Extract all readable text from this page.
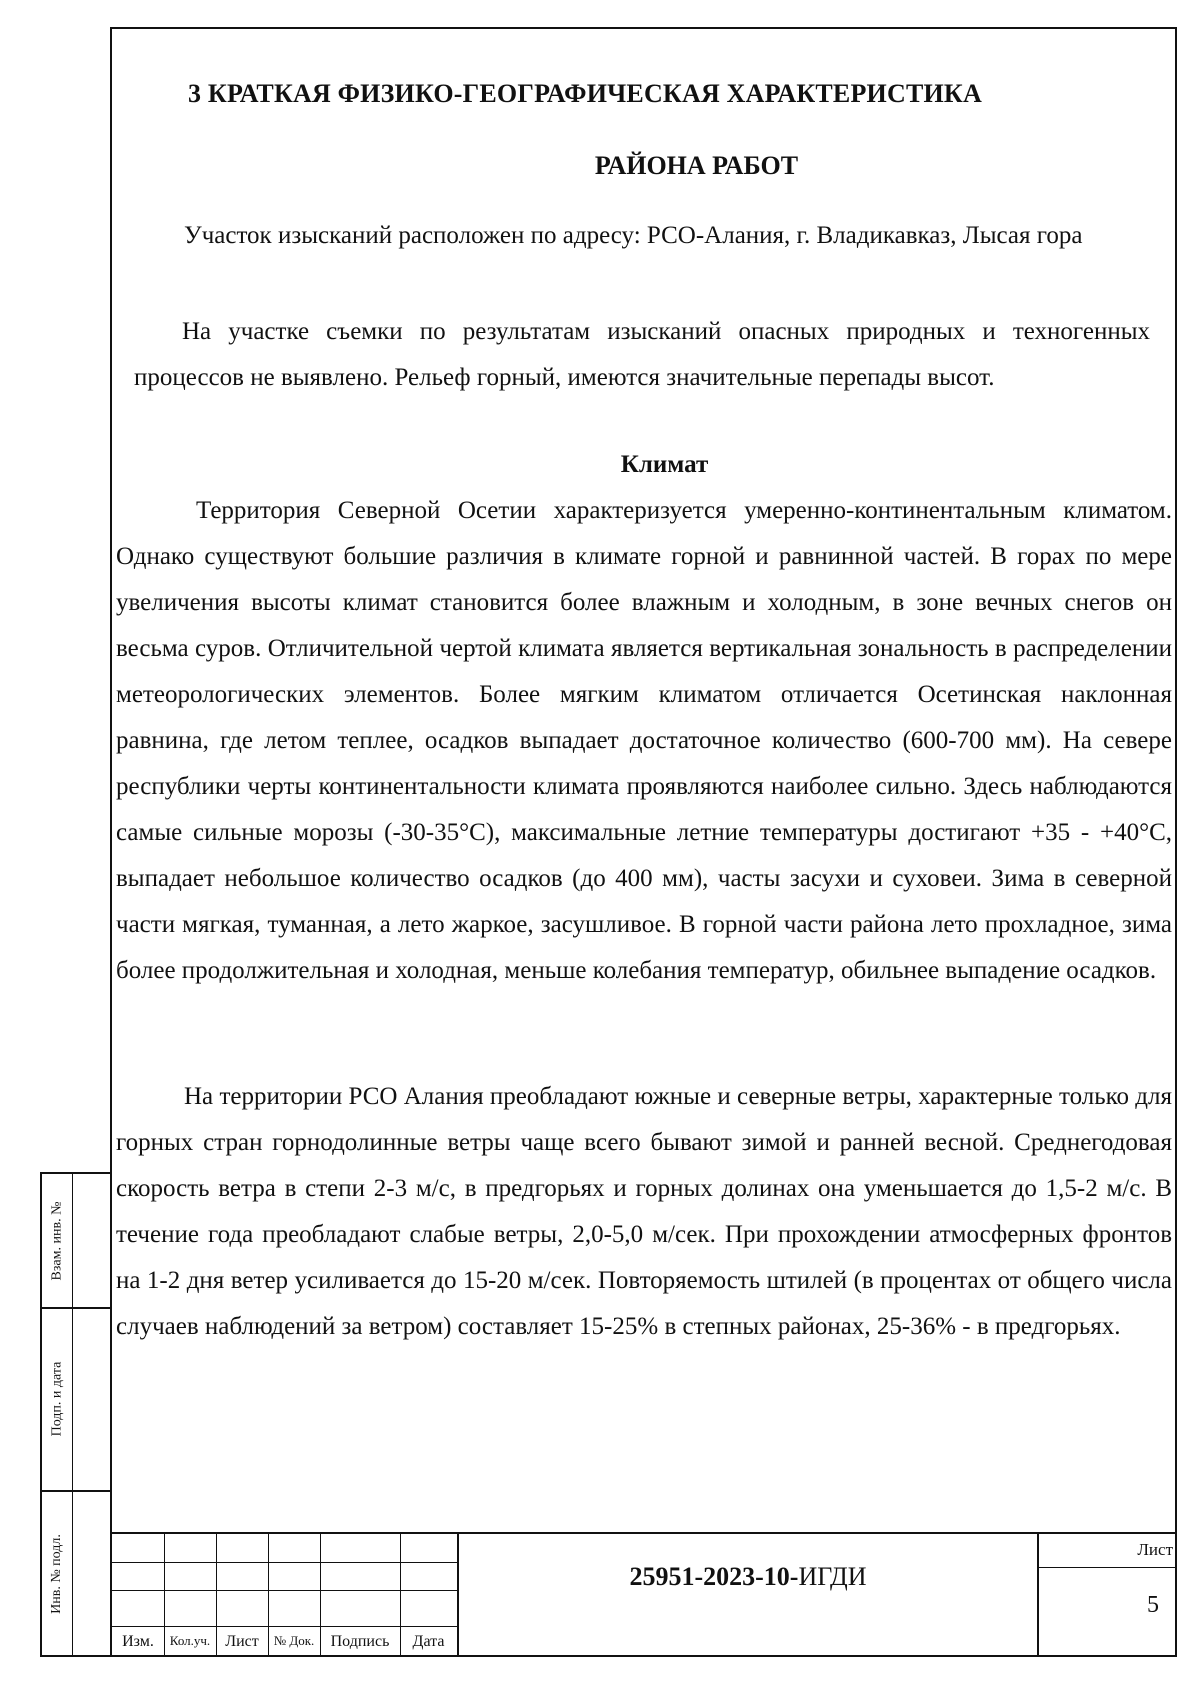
Взам. инв. №
Подп. и дата
Инв. № подл.
3 КРАТКАЯ ФИЗИКО-ГЕОГРАФИЧЕСКАЯ ХАРАКТЕРИСТИКА
РАЙОНА РАБОТ
Участок изысканий расположен по адресу: РСО-Алания, г. Владикавказ, Лысая гора
На участке съемки по результатам изысканий опасных природных и техногенных процессов не выявлено. Рельеф горный, имеются значительные перепады высот.
Климат
Территория Северной Осетии характеризуется умеренно-континентальным климатом. Однако существуют большие различия в климате горной и равнинной частей. В горах по мере увеличения высоты климат становится более влажным и холодным, в зоне вечных снегов он весьма суров. Отличительной чертой климата является вертикальная зональность в распределении метеорологических элементов. Более мягким климатом отличается Осетинская наклонная равнина, где летом теплее, осадков выпадает достаточное количество (600-700 мм). На севере республики черты континентальности климата проявляются наиболее сильно. Здесь наблюдаются самые сильные морозы (-30-35°С), максимальные летние температуры достигают +35 - +40°С, выпадает небольшое количество осадков (до 400 мм), часты засухи и суховеи. Зима в северной части мягкая, туманная, а лето жаркое, засушливое. В горной части района лето прохладное, зима более продолжительная и холодная, меньше колебания температур, обильнее выпадение осадков.
На территории РСО Алания преобладают южные и северные ветры, характерные только для горных стран горнодолинные ветры чаще всего бывают зимой и ранней весной. Среднегодовая скорость ветра в степи 2-3 м/с, в предгорьях и горных долинах она уменьшается до 1,5-2 м/с. В течение года преобладают слабые ветры, 2,0-5,0 м/сек. При прохождении атмосферных фронтов на 1-2 дня ветер усиливается до 15-20 м/сек. Повторяемость штилей (в процентах от общего числа случаев наблюдений за ветром) составляет 15-25% в степных районах, 25-36% - в предгорьях.
Изм.	Кол.уч. Лист	№ Док.	Подпись	Дата
25951-2023-10-ИГДИ
Лист
5
